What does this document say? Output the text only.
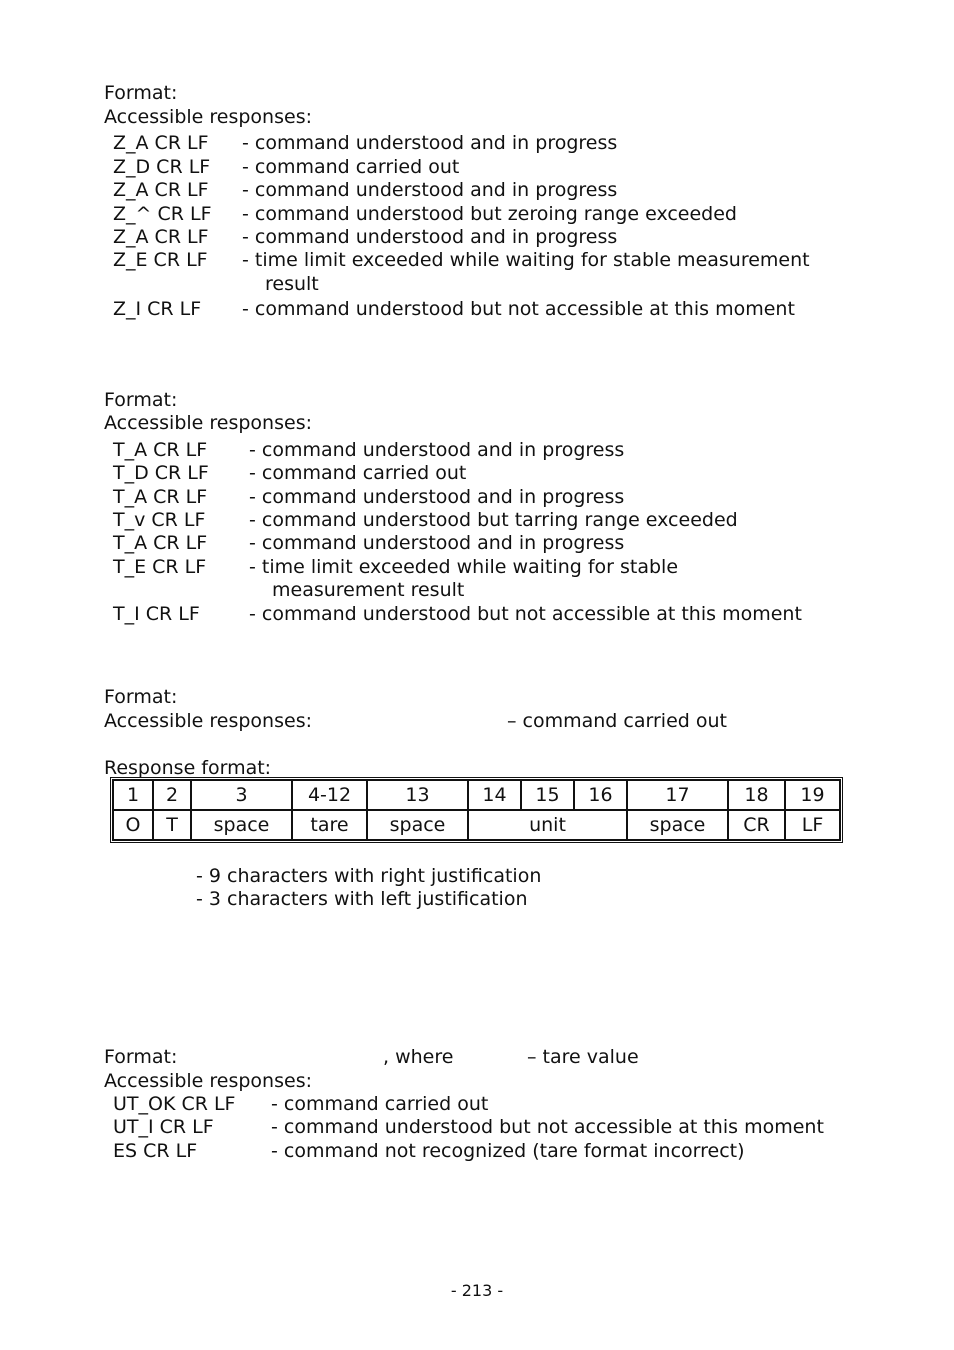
Format:
Accessible responses:
Z_A CR LF - command understood and in progress
Z_D CR LF - command carried out
Z_A CR LF - command understood and in progress
Z_^ CR LF - command understood but zeroing range exceeded
Z_A CR LF - command understood and in progress
Z_E CR LF - time limit exceeded while waiting for stable measurement
result
Z_I CR LF - command understood but not accessible at this moment
Format:
Accessible responses:
T_A CR LF - command understood and in progress
T_D CR LF - command carried out
T_A CR LF - command understood and in progress
T_v CR LF - command understood but tarring range exceeded
T_A CR LF - command understood and in progress
T_E CR LF - time limit exceeded while waiting for stable
measurement result
T_I CR LF	- command understood but not accessible at this moment
Format:
Accessible responses:	– command carried out
Response format:
1	2	3	4-12	13	14	15	16	17	18	19
O	T	space	tare	space	unit			space	CR	LF
- 9 characters with right justification
- 3 characters with left justification
Format:	, where	– tare value
Accessible responses:
UT_OK CR LF - command carried out
UT_I CR LF	- command understood but not accessible at this moment
ES CR LF	- command not recognized (tare format incorrect)
- 213 -
